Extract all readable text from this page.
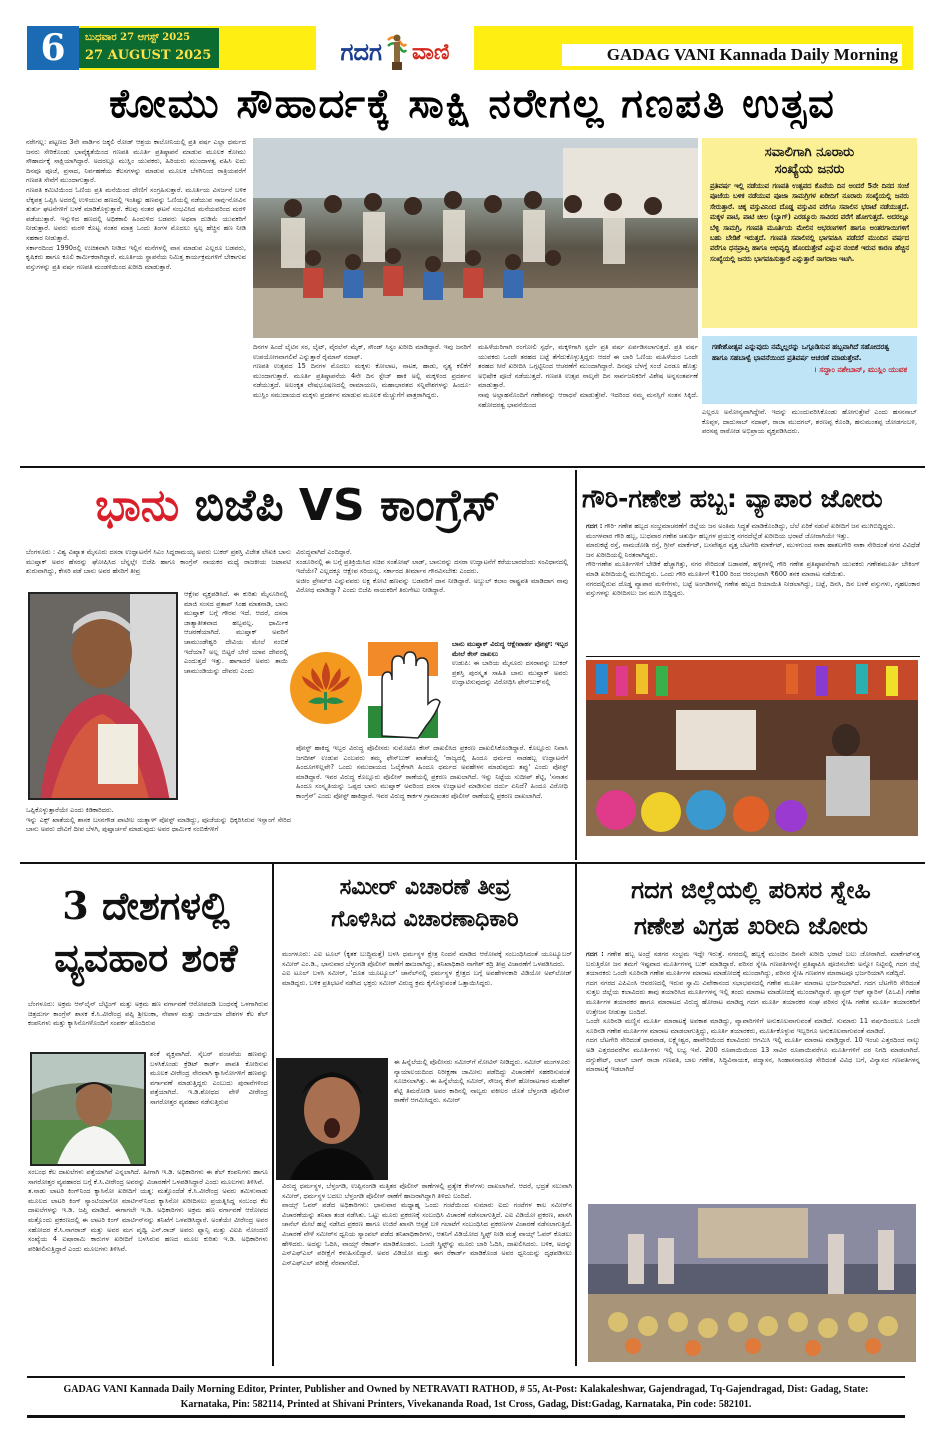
6	ಬುಧವಾರ 27 ಆಗಸ್ಟ್ 2025
27 AUGUST 2025	ಗದಗ ವಾಣಿ	GADAG VANI Kannada Daily Morning
ಕೋಮು ಸೌಹಾರ್ದಕ್ಕೆ ಸಾಕ್ಷಿ ನರೇಗಲ್ಲ ಗಣಪತಿ ಉತ್ಸವ

ನರೇಗಲ್ಲ: ಪಟ್ಟಣದ 3ನೇ ವಾರ್ಡಿನ ಜಕ್ಕಲಿ ರೋಡ್ ಆಶ್ರಯ ಕಾಲೋನಿಯಲ್ಲಿ ಪ್ರತಿ ವರ್ಷ ಎಲ್ಲಾ ಧರ್ಮದ ಜನರು ಸೇರಿಕೊಂಡು ಭಾವೈಕ್ಯತೆಯಿಂದ ಗಣಪತಿ ಮೂರ್ತಿ ಪ್ರತಿಷ್ಠಾಪನೆ ಮಾಡುವ ಮೂಲಕ ಕೋಮು ಸೌಹಾರ್ದಕ್ಕೆ ಸಾಕ್ಷಿಯಾಗಿದ್ದಾರೆ. ಅದರಲ್ಲೂ ಮುಸ್ಲಿಂ ಯುವಕರು, ಹಿರಿಯರು ಮುಂದಾಳತ್ವ ವಹಿಸಿ ಐದು ದಿನವೂ ಪೂಜೆ, ಪ್ರಸಾದ, ನಿರ್ವಹಣೆಯ ಕೆಲಸಗಳನ್ನು ಮಾಡುವ ಮೂಲಕ ಬೆಳಗಿನಿಂದ ರಾತ್ರಿಯವರೆಗೆ ಗಣಪತಿ ಸೇವೆಗೆ ಮುಂದಾಗುತ್ತಾರೆ.

ಗಣಪತಿ ಕಮಿಟಿಯಿಂದ ಓಣಿಯ ಪ್ರತಿ ಮನೆಯಿಂದ ದೇಣಿಗೆ ಸಂಗ್ರಹಿಸುತ್ತಾರೆ. ಮೂರ್ತಿಯ ವಿಸರ್ಜನೆ ಬಳಿಕ ಲೆಕ್ಕಪತ್ರ ಒಪ್ಪಿಸಿ ಅದರಲ್ಲಿ ಉಳಿಯುವ ಹಣದಲ್ಲಿ ಇಂತಿಷ್ಟು ಹಣವನ್ನು ಓಣಿಯಲ್ಲಿ ನಡೆಯುವ ಸಾವು-ನೋವಿನ ತುರ್ತು ಘಟನೆಗಳಿಗೆ ಬಳಕೆ ಮಾಡಿಕೊಳ್ಳುತ್ತಾರೆ. ಕೆಲವು ನಂತರ ಘಟನೆ ಸಂಭವಿಸಿದ ಮನೆಯವರಿಂದ ಮರಳಿ ಪಡೆಯುತ್ತಾರೆ. ಇನ್ನುಳಿದ ಹಣದಲ್ಲಿ ಅಧಿಕಕಾಲಿ ಹಿಂದುಳಿದ ಬಡವರು ಅಥವಾ ದುಡಿಮೆ ಯುವಕರಿಗೆ ನೀಡುತ್ತಾರೆ. ಅವರು ಮರಳಿ ಕೊಟ್ಟ ನಂತರ ಮಾತ್ರ ಒಂದು ತಿಂಗಳ ಮೊದಲು ಸ್ವಲ್ಪ ಹೆಚ್ಚಿನ ಹಣ ನೀಡಿ ಸಹಕಾರ ನೀಡುತ್ತಾರೆ.

ಸರ್ಕಾರದಿಂದ 1990ರಲ್ಲಿ ಉಚಿತವಾಗಿ ನೀಡಿದ ಇಲ್ಲಿನ ಮನೆಗಳಲ್ಲಿ ವಾಸ ಮಾಡುವ ಎಲ್ಲರೂ ಬಡವರು, ಕೃಷಿಕರು ಹಾಗೂ ಕೂಲಿ ಕಾರ್ಮಿಕರಾಗಿದ್ದಾರೆ. ಮೂರ್ತಿಯ ಸ್ಥಾಪನೆಯ ನಿಮಿತ್ತ ಕಾರ್ಯಕ್ರಮಗಳಿಗೆ ಬೇಕಾಗುವ ವಸ್ತುಗಳನ್ನು ಪ್ರತಿ ವರ್ಷ ಗಣಪತಿ ಮಂಡಳಿಯಿಂದ ಖರೀದಿ ಮಾಡುತ್ತಾರೆ.

ದಿನಗಳ ಹಿಂದೆ ಲೈಟಿನ ಸರ, ಲೈಟ್, ವೈರಲೆಸ್ ಮೈಕ್, ಸೌಂಡ್ ಸಿಸ್ಟಂ ಖರೀದಿ ಮಾಡಿದ್ದಾರೆ. ಇವು ಜನರಿಗೆ ಉಪಯೋಗವಾಗಲಿವೆ ಎನ್ನುತ್ತಾರೆ ರೈಮಾನ್ ನದಾಫ್.

ಗಣಪತಿ ಉತ್ಸವದ 15 ದಿನಗಳ ಮೊದಲು ಮಕ್ಕಳು ಕೋಲಾಟ, ನಾಟಕ, ಹಾಡು, ನೃತ್ಯ ಕಲಿಕೆಗೆ ಮುಂದಾಗುತ್ತಾರೆ. ಮೂರ್ತಿ ಪ್ರತಿಷ್ಠಾಪನೆಯ 4ನೇ ದಿನ ಸ್ಟೇಜ್ ಹಾಕಿ ಅಲ್ಲಿ ಮಕ್ಕಳಿಂದ ಪ್ರದರ್ಶನ ನಡೆಯುತ್ತದೆ. ಅಲಂಕೃತ ವೇಷಭೂಷಣದಲ್ಲಿ ರಾಮಾಯಣ, ಮಹಾಭಾರತದ ಸನ್ನಿವೇಶಗಳನ್ನು ಹಿಂದೂ-ಮುಸ್ಲಿಂ ಸಮುದಾಯದ ಮಕ್ಕಳು ಪ್ರದರ್ಶನ ಮಾಡುವ ಮೂಲಕ ಮೆಚ್ಚುಗೆಗೆ ಪಾತ್ರರಾಗಿದ್ದರು.

ಮಹಿಳೆಯರಿಗಾಗಿ ರಂಗೋಲಿ ಸ್ಪರ್ಧೆ, ಮಕ್ಕಳಿಗಾಗಿ ಸ್ಪರ್ಧೆ ಪ್ರತಿ ವರ್ಷ ಏರ್ಪಡಿಸಲಾಗುತ್ತದೆ. ಪ್ರತಿ ವರ್ಷ ಯುವಕರು ಒಂದೇ ತರಹದ ಬಟ್ಟೆ ತೆಗೆದುಕೊಳ್ಳುತ್ತಿದ್ದರು ಆದರೆ ಈ ಬಾರಿ ಓಣಿಯ ಮಹಿಳೆಯರ ಒಂದೇ ತರಹದ ಸೀರೆ ಖರೀದಿಸಿ ಒಗ್ಗಟ್ಟಿನಿಂದ ಆಚರಣೆಗೆ ಮುಂದಾಗಿದ್ದಾರೆ. ದಿನವೂ ಬೆಳಗ್ಗೆ ಸಂಜೆ ಎರಡೂ ಹೊತ್ತು ಅಭಿಷೇಕ ಪೂಜೆ ನಡೆಯುತ್ತದೆ. ಗಣಪತಿ ಉತ್ಸವ ನಾಲ್ಕನೇ ದಿನ ಸಾರ್ವಜನಿಕರಿಗೆ ವಿಶೇಷ ಅನ್ನಸಂತರ್ಪಣೆ ಮಾಡುತ್ತಾರೆ.

ನಾವು ಅಲ್ಲಾಹನೊಂದಿಗೆ ಗಣೇಶನನ್ನು ಆರಾಧನೆ ಮಾಡುತ್ತೇವೆ. ಇದರಿಂದ ನಮ್ಮ ಮನಸ್ಸಿಗೆ ಸಂತಸ ಸಿಕ್ಕಿದೆ. ಸಹೋದರತ್ವ ಭಾವನೆಯಿಂದ

ಸವಾಲಿಗಾಗಿ ನೂರಾರು
ಸಂಖ್ಯೆಯ ಜನರು
ಪ್ರತಿವರ್ಷ ಇಲ್ಲಿ ನಡೆಯುವ ಗಣಪತಿ ಉತ್ಸವದ ಕೊನೆಯ ದಿನ ಅಂದರೆ 5ನೇ ದಿನದ ಸಂಜೆ ಪೂಜೆಯ ಬಳಿಕ ನಡೆಯುವ ಪೂಜಾ ಸಾಮಗ್ರಿಗಳ ಖರೀದಿಗೆ ನೂರಾರು ಸಂಖ್ಯೆಯಲ್ಲಿ ಜನರು ಸೇರುತ್ತಾರೆ. ಚಿಕ್ಕ ವಸ್ತುವಿನಿಂದ ದೊಡ್ಡ ವಸ್ತುವಿನ ವರೆಗೂ ಸವಾಲಿನ ಭರಾಟೆ ನಡೆಯುತ್ತದೆ. ಮಕ್ಕಳ ಪಾಟಿ, ಪಾಟಿ ಚೀಲ (ಬ್ಯಾಗ್) ಎರಡ್ಮೂರು ಸಾವಿರದ ವರೆಗೆ ಹೋಗುತ್ತದೆ. ಅದರಲ್ಲೂ ಬೆಳ್ಳಿ ಸಾಮಗ್ರಿ, ಗಣಪತಿ ಮೂರ್ತಿಯ ಮೇಲಿನ ಆಭರಣಗಳಿಗೆ ಹಾಗೂ ಅಂತರಗಾಯಿಗಳಿಗೆ ಬಹು ಬೇಡಿಕೆ ಇರುತ್ತದೆ. ಗಣಪತಿ ಸವಾಲಿನಲ್ಲಿ ಭಾಗವಹಿಸಿ ಪಡೆದರೆ ಮುಂದಿನ ವರ್ಷದ ವರೆಗೂ ಧನಪ್ರಾಪ್ತಿ ಹಾಗೂ ಅಭಿವೃದ್ಧಿ ಹೊಂದುತ್ತೇವೆ ಎನ್ನುವ ನಂಬಿಕೆ ಇರುವ ಕಾರಣ ಹೆಚ್ಚಿನ ಸಂಖ್ಯೆಯಲ್ಲಿ ಜನರು ಭಾಗವಹಿಸುತ್ತಾರೆ ಎನ್ನುತ್ತಾರೆ ನಾಗರಾಜ ಇಟಗಿ.
ಗಣೇಶೋತ್ಸವ ಎನ್ನುವುದು ನಮ್ಮೆಲ್ಲರನ್ನು ಒಗ್ಗೂಡಿಸುವ ಹಬ್ಬವಾಗಿದೆ ಸಹೋದರತ್ವ ಹಾಗೂ ಸಹಬಾಳ್ವೆ ಭಾವನೆಯಿಂದ ಪ್ರತಿವರ್ಷ ಆಚರಣೆ ಮಾಡುತ್ತೇವೆ.
। ಸದ್ದಾಂ ನಶೇಬಾನ್, ಮುಸ್ಲಿಂ ಯುವಕ

ಎಲ್ಲರೂ ಅನೋನ್ಯವಾಗಿದ್ದೇವೆ. ಇದನ್ನು ಮುಂದುವರಿಸಿಕೊಂಡು ಹೋಗುತ್ತೇವೆ ಎಂದು ಹಸನಸಾಬ್ ಕೊಪ್ಪಳ, ದಾದುಸಾಬ್ ನದಾಫ್, ರಾಜಾ ಮುದಗಲ್, ಶರಣಪ್ಪ ಕೊಂಡಿ, ಹನುಮಂತಪ್ಪ ಜೋಡಗಂಬಳಿ, ಪರಸಪ್ಪ ರಾಠೋಡ ಅಭಿಪ್ರಾಯ ವ್ಯಕ್ತಪಡಿಸಿದರು.

ಭಾನು ಬಿಜೆಪಿ VS ಕಾಂಗ್ರೆಸ್

ಬೆಂಗಳೂರು : ವಿಶ್ವ ವಿಖ್ಯಾತ ಮೈಸೂರು ದಸರಾ ಉದ್ಘಾಟನೆಗೆ ಸಿಎಂ ಸಿದ್ದರಾಮಯ್ಯ ಅವರು ಬುಕರ್ ಪ್ರಶಸ್ತಿ ವಿಜೇತ ಲೇಖಕಿ ಬಾನು ಮುಷ್ತಾಕ್ ಅವರ ಹೆಸರನ್ನು ಘೋಷಿಸಿದ ಬೆನ್ನಲ್ಲೇ ಬಿಜೆಪಿ ಹಾಗೂ ಕಾಂಗ್ರೆಸ್ ನಾಯಕರ ಮಧ್ಯೆ ರಾಜಕೀಯ ಜಟಾಪಟಿ ಶುರುವಾಗಿದ್ದು, ಕೇಸರಿ ಪಡೆ ಬಾನು ಅವರ ಹೆಸರಿಗೆ ತೀವ್ರ

ಆಕ್ಷೇಪ ವ್ಯಕ್ತಪಡಿಸಿದೆ. ಈ ಕುರಿತು ಮೈಸೂರಿನಲ್ಲಿ ಮಾಜಿ ಸಂಸದ ಪ್ರತಾಪ್ ಸಿಂಹ ಮಾತನಾಡಿ, ಬಾನು ಮುಷ್ತಾಕ್ ಬಗ್ಗೆ ಗೌರವ ಇದೆ. ಆದರೆ, ದಸರಾ ಜಾತ್ಯಾತೀತವಾದ ಹಬ್ಬವಲ್ಲ. ಧಾರ್ಮಿಕ ಆಚರಣೆಯಾಗಿದೆ. ಮುಷ್ತಾಕ್ ಅವರಿಗೆ ಚಾಮುಂಡೇಶ್ವರಿ ದೇವಿಯ ಮೇಲೆ ನಂಬಿಕೆ ಇದೆಯಾ? ಅಲ್ಲ ಬಿಟ್ಟರೆ ಬೇರೆ ಯಾವ ದೇವರಲ್ಲಿ ಎಂದುತ್ತದೆ ಇತ್ತು. ಹಾಗಾದರೆ ಅವರು ತಾಯಿ ಚಾಮುಂಡಿಯನ್ನು ದೇವರು ಎಂದು

ಒಪ್ಪಿಕೊಳ್ಳುತ್ತಾರೆಯೇ ಎಂದು ಕಿಡಿಕಾರಿದರು.

ಇನ್ನು ಎಕ್ಸ್ ಖಾತೆಯಲ್ಲಿ ಶಾಸಕ ಬಸನಗೌಡ ಪಾಟೀಲ ಯತ್ನಾಳ್ ಪೋಸ್ಟ್ ಮಾಡಿದ್ದು, ಪೂಜೆಯನ್ನು ಧಿಕ್ಕರಿಸಿರುವ ಇಸ್ಲಾಂಗೆ ಸೇರಿದ ಬಾನು ಅವರು ದೇವಿಗೆ ದೀಪ ಬೆಳಗಿ, ಪುಷ್ಪಾರ್ಚನೆ ಮಾಡುವುದು ಅವರ ಧಾರ್ಮಿಕ ನಂಬಿಕೆಗಳಿಗೆ

ವಿರುದ್ಧವಾಗಿದೆ ಎಂದಿದ್ದಾರೆ.

ಸಂಡೂರಿನಲ್ಲಿ ಈ ಬಗ್ಗೆ ಪ್ರತಿಕ್ರಿಯಿಸಿದ ಸಚಿವ ಸಂತೋಷ್ ಲಾಡ್, ಬಾನುರನ್ನು ದಸರಾ ಉದ್ಘಾಟನೆಗೆ ಕರೆಯಬಾರದೆಂದು ಸಂವಿಧಾನದಲ್ಲಿ ಇದೆಯೇ? ಎಲ್ಲದಕ್ಕೂ ಆಕ್ಷೇಪ ಸರಿಯಲ್ಲ. ಸರ್ಕಾರದ ತೀರ್ಮಾನ ಗೌರವಿಸಬೇಕು ಎಂದರು.

ಅಜೀಂ ಪ್ರೇಮ್‌ಜಿ ಎನ್ನುವವರು ಲಕ್ಷ ಕೋಟಿ ಹಣವನ್ನು ಬಡವರಿಗೆ ದಾನ ನೀಡಿದ್ದಾರೆ. ಅಬ್ದುಲ್ ಕಲಾಂ ರಾಷ್ಟ್ರಪತಿ ಮಾಡಿದಾಗ ನಾವು ವಿರೋಧ ಮಾಡಿದ್ವಾ? ಎಂದು ಬಿಜೆಪಿ ನಾಯಕರಿಗೆ ತಿರುಗೇಟು ನೀಡಿದ್ದಾರೆ.

ಬಾನು ಮುಷ್ತಾಕ್ ವಿರುದ್ಧ ಆಕ್ಷೇಪಾರ್ಹ ಪೋಸ್ಟ್: ಇಬ್ಬರ ಮೇಲೆ ಕೇಸ್ ದಾಖಲು

ಉಡುಪಿ: ಈ ಬಾರಿಯ ಮೈಸೂರು ದಸರಾವನ್ನು ಬುಕರ್ ಪ್ರಶಸ್ತಿ ಪುರಸ್ಕೃತ ಸಾಹಿತಿ ಬಾನು ಮುಷ್ತಾಕ್ ಅವರು ಉದ್ಘಾಟಿಸುವುದನ್ನು ವಿರೋಧಿಸಿ ಫೇಸ್‌ಬುಕ್‌ನಲ್ಲಿ

ಪೋಸ್ಟ್ ಹಾಕಿದ್ದ ಇಬ್ಬರ ವಿರುದ್ಧ ಪೊಲೀಸರು ಸುಮೊಟೊ ಕೇಸ್ ದಾಖಲಿಸಿದ ಪ್ರಕರಣ ದಾಖಲಿಸಿಕೊಂಡಿದ್ದಾರೆ. ಕೊಲ್ಲೂರು ನಿವಾಸಿ ಜಗದೀಶ್ ಉಡುಪ ಎಂಬವರು ತಮ್ಮ ಫೇಸ್‌ಬುಕ್ ಖಾತೆಯಲ್ಲಿ 'ರಾಜ್ಯದಲ್ಲಿ ಹಿಂದೂ ಧರ್ಮದ ನಾಡಹಬ್ಬ ಉದ್ಘಾಟನೆಗೆ ಹಿಂದೂಗಳಿಲ್ಲವೇ? ಒಂದು ಸಮುದಾಯದ ಓಲೈಕೆಗಾಗಿ ಹಿಂದೂ ಧರ್ಮದ ಅವಹೇಳನ ಮಾಡುವುದು ತಪ್ಪು' ಎಂದು ಪೋಸ್ಟ್ ಮಾಡಿದ್ದಾರೆ. ಇವರ ವಿರುದ್ಧ ಕೊಲ್ಲೂರು ಪೊಲೀಸ್ ಠಾಣೆಯಲ್ಲಿ ಪ್ರಕರಣ ದಾಖಲಾಗಿದೆ. ಇನ್ನು ನಿಟ್ಟೆಯ ಸುದೀಪ್ ಶೆಟ್ಟಿ, 'ಸನಾತನ ಹಿಂದೂ ಸಂಸ್ಕೃತಿಯನ್ನು ಒಪ್ಪದ ಬಾನು ಮುಷ್ತಾಕ್ ಅವರಿಂದ ದಸರಾ ಉದ್ಘಾಟನೆ ಮಾಡಿಸುವ ದರ್ದು ಏನಿದೆ? ಹಿಂದೂ ವಿರೋಧಿ ಕಾಂಗ್ರೆಸ್' ಎಂದು ಪೋಸ್ಟ್ ಹಾಕಿದ್ದಾರೆ. ಇವರ ವಿರುದ್ಧ ಕಾರ್ಕಳ ಗ್ರಾಮಾಂತರ ಪೊಲೀಸ್ ಠಾಣೆಯಲ್ಲಿ ಪ್ರಕರಣ ದಾಖಲಾಗಿದೆ.

ಗೌರಿ-ಗಣೇಶ ಹಬ್ಬ: ವ್ಯಾಪಾರ ಜೋರು

ಗದಗ : ಗೌರಿ- ಗಣೇಶ ಹಬ್ಬದ ಸಂಭ್ರಮಾಚರಣೆಗೆ ಜಿಲ್ಲೆಯ ಜನ ಅಂತಿಮ ಸಿದ್ಧತೆ ಮಾಡಿಕೊಂಡಿದ್ದು, ಬೆಲೆ ಏರಿಕೆ ನಡುವೆ ಖರೀದಿಗೆ ಜನ ಮುಗಿಬಿದ್ದಿದ್ದರು.

ಮಂಗಳವಾರ ಗೌರಿ ಹಬ್ಬ, ಬುಧವಾರ ಗಣೇಶ ಚತುರ್ಥಿ ಹಬ್ಬಗಳ ಪ್ರಯುಕ್ತ ನಗರದೆಲ್ಲೆಡೆ ಖರೀದಿಯ ಭರಾಟೆ ಜೋರಾಗಿಯೇ ಇತ್ತು.

ಮಾರುಕಟ್ಟೆ ರಸ್ತೆ, ನಾಮಜೋಶಿ ರಸ್ತೆ, ಗ್ರೀನ್ ಮಾರ್ಕೆಟ್, ಬಸವೇಶ್ವರ ವೃತ್ತ ಬೆಟಗೇರಿ ಮಾರ್ಕೆಟ್, ಮುಳಗುಂದ ನಾಕಾ ಹಾತಲಗೇರಿ ನಾಕಾ ಸೇರಿದಂತೆ ನಗರ ವಿವಿಧೆಡೆ ಜನ ಖರೀದಿಯಲ್ಲಿ ನಿರತರಾಗಿದ್ದರು.

ಗೌರಿ-ಗಣೇಶ ಮೂರ್ತಿಗಳಿಗೆ ಬೇಡಿಕೆ ಹೆಚ್ಚಾಗಿತ್ತು, ನಗರ ಸೇರಿದಂತೆ ಬಡಾವಣೆ, ಹಳ್ಳಿಗಳಲ್ಲಿ ಗೌರಿ ಗಣೇಶ ಪ್ರತಿಷ್ಠಾಪನೆಗಾಗಿ ಯುವಕರು ಗಣೇಶಮೂರ್ತಿ ಬೇಕಿಂಗ್ ಮಾಡಿ ಖರೀದಿಯಲ್ಲಿ ಮುಗಿಬಿದ್ದರು. ಒಂದು ಗೌರಿ ಮೂರ್ತಿಗೆ ₹100 ರಿಂದ ಆರಂಭವಾಗಿ ₹600 ತನಕ ಮಾರಾಟ ನಡೆಯಿತು.

ನಗರದಲ್ಲಿರುವ ದೊಡ್ಡ ವ್ಯಾಪಾರ ಮಳಿಗೆಗಳು, ಬಟ್ಟೆ ಅಂಗಡಿಗಳಲ್ಲಿ ಗಣೇಶ ಹಬ್ಬದ ರಿಯಾಯಿತಿ ನೀಡಲಾಗಿದ್ದು, ಬಟ್ಟೆ, ದಿನಸಿ, ದಿನ ಬಳಕೆ ವಸ್ತುಗಳು, ಗೃಹಲಂಕಾರ ವಸ್ತುಗಳನ್ನು ಖರೀದಿಸಲು ಜನ ಮುಗಿ ಬಿದ್ದಿದ್ದರು.

3 ದೇಶಗಳಲ್ಲಿ
ವ್ಯವಹಾರ ಶಂಕೆ

ಬೆಂಗಳೂರು: ಅಕ್ರಮ ಆನ್‌ಲೈನ್ ಬೆಟ್ಟಿಂಗ್ ಮತ್ತು ಅಕ್ರಮ ಹಣ ವರ್ಗಾವಣೆ ಆರೋಪದಡಿ ಬಂಧನಕ್ಕೆ ಒಳಗಾಗಿರುವ ಚಿತ್ರದುರ್ಗ ಕಾಂಗ್ರೆಸ್ ಶಾಸಕ ಕೆ.ಸಿ.ವೀರೇಂದ್ರ ಪಪ್ಪಿ ಶ್ರೀಲಂಕಾ, ನೇಪಾಳ ಮತ್ತು ಜಾರ್ಜಿಯಾ ದೇಶಗಳ ಕೆಲ ಶೆಲ್ ಕಂಪನಿಗಳು ಮತ್ತು ಕ್ಯಾಸಿನೊಗಳೊಂದಿಗೆ ಸಂಪರ್ಕ ಹೊಂದಿರುವ

ಶಂಕೆ ವ್ಯಕ್ತವಾಗಿದೆ. ಸೈಬರ್ ವಂಚನೆಯ ಹಣವನ್ನು ಬಳಸಿಕೊಂಡು ಕ್ರೆಡಿಟ್ ಕಾರ್ಡ್ ಪಾವತಿ ಕೋರಿಸುವ ಮೂಲಕ ವೀರೇಂದ್ರ ನೇರವಾಗಿ ಕ್ಯಾಸಿನೋಗಳಿಗೆ ಹಣವನ್ನು ವರ್ಗಾವಣೆ ಮಾಡುತ್ತಿದ್ದರು ಎಂಬುದು ಪುರಾವೆಗಳಿಂದ ಪತ್ತೆಯಾಗಿದೆ. ಇ.ಡಿ.ಶೋಧದ ವೇಳೆ ವೀರೇಂದ್ರ ಸಾಗರೋತ್ತರ ವ್ಯವಹಾರ ನಡೆಸುತ್ತಿರುವ

ಸಂಬಂಧ ಕೆಲ ದಾಖಲೆಗಳು ಪತ್ತೆಯಾಗಿವೆ ಎನ್ನಲಾಗಿದೆ. ಹೀಗಾಗಿ ಇ.ಡಿ. ಅಧಿಕಾರಿಗಳು ಈ ಶೆಲ್ ಕಂಪನಿಗಳು ಹಾಗೂ ಸಾಗರೋತ್ತರ ವ್ಯವಹಾರದ ಬಗ್ಗೆ ಕೆ.ಸಿ.ವೀರೇಂದ್ರ ಅವರನ್ನು ವಿಚಾರಣೆಗೆ ಒಳಪಡಿಸಿದ್ದಾರೆ ಎಂದು ಮೂಲಗಳು ತಿಳಿಸಿವೆ.

ತ.ನಾಡು ಲಾಟರಿ ಕಿಂಗ್‌ನಿಂದ ಕ್ಯಾಸಿನೋ ಖರೀದಿಗೆ ಯತ್ನ: ಮತ್ತೊಂದೆಡೆ ಕೆ.ಸಿ.ವೀರೇಂದ್ರ ಅವರು ತಮಿಳುನಾಡು ಮೂಲದ ಲಾಟರಿ ಕಿಂಗ್ ಸ್ಯಾಂಟಿಯಾಗೋ ಮಾರ್ಟಿನ್‌ನಿಂದ ಕ್ಯಾಸಿನೋ ಖರೀದಿಸಲು ಪ್ರಯತ್ನಿಸಿದ್ದ ಸಂಬಂಧ ಕೆಲ ದಾಖಲೆಗಳನ್ನು ಇ.ಡಿ. ಜಪ್ತಿ ಮಾಡಿದೆ. ಈಗಾಗಲೇ ಇ.ಡಿ. ಅಧಿಕಾರಿಗಳು ಅಕ್ರಮ ಹಣ ವರ್ಗಾವಣೆ ಆರೋಪದ ಮತ್ತೊಂದು ಪ್ರಕರಣದಲ್ಲಿ ಈ ಲಾಟರಿ ಕಿಂಗ್ ಮಾರ್ಟಿನ್‌ನನ್ನು ತನಿಖೆಗೆ ಒಳಪಡಿಸಿದ್ದಾರೆ. ಅಂತೆಯೇ ವೀರೇಂದ್ರ ಅವರ ಸಹೋದರ ಕೆ.ಸಿ.ನಾಗರಾಜ್ ಮತ್ತು ಅವರ ಮಗ ಪೃಥ್ವಿ ಎನ್.ರಾಜ್ ಅವರು ಫ್ಯಾನ್ಸಿ ಮತ್ತು ವಿಐಪಿ ನೋಂದಣಿ ಸಂಖ್ಯೆಯ 4 ಐಷಾರಾಮಿ ಕಾರುಗಳ ಖರೀದಿಗೆ ಬಳಸಿರುವ ಹಣದ ಮೂಲ ಕುರಿತು ಇ.ಡಿ. ಅಧಿಕಾರಿಗಳು ಪರಿಶೀಲಿಸುತ್ತಿದ್ದಾರೆ ಎಂದು ಮೂಲಗಳು ತಿಳಿಸಿವೆ.

ಸಮೀರ್ ವಿಚಾರಣೆ ತೀವ್ರ
ಗೊಳಿಸಿದ ವಿಚಾರಣಾಧಿಕಾರಿ

ಮಂಗಳೂರು: ಎಐ ಟೂಲ್ (ಕೃತಕ ಬುದ್ಧಿಮತ್ತೆ) ಬಳಸಿ ಧರ್ಮಸ್ಥಳ ಕ್ಷೇತ್ರ ನಿಂದನೆ ಮಾಡಿದ ಆರೋಪಕ್ಕೆ ಸಂಬಂಧಿಸಿದಂತೆ ಯೂಟ್ಯೂಬರ್ ಸಮೀರ್ ಎಂ.ಡಿ., ಭಾನುವಾರ ಬೆಳ್ತಂಗಡಿ ಪೊಲೀಸ್ ಠಾಣೆಗೆ ಹಾಜರಾಗಿದ್ದು, ತನಿಖಾಧಿಕಾರಿ ನಾಗೇಶ್ ಕದ್ರಿ ತೀವ್ರ ವಿಚಾರಣೆಗೆ ಒಳಪಡಿಸಿದರು.

ಎಐ ಟೂಲ್ ಬಳಸಿ ಸಮೀರ್, 'ದೂತ ಯೂಟ್ಯೂಬ್' ಚಾನೆಲ್‌ನಲ್ಲಿ ಧರ್ಮಸ್ಥಳ ಕ್ಷೇತ್ರದ ಬಗ್ಗೆ ಅವಹೇಳನಕಾರಿ ವಿಡಿಯೋ ಅಪ್‌ಲೋಡ್ ಮಾಡಿದ್ದರು. ಬಳಿಕ ಪ್ರತಿಭಟನೆ ನಡೆಸಿದ ಭಕ್ತರು ಸಮೀರ್ ವಿರುದ್ಧ ಕ್ರಮ ಕೈಗೊಳ್ಳುವಂತೆ ಒತ್ತಾಯಿಸಿದ್ದರು.

ಈ ಹಿನ್ನೆಲೆಯಲ್ಲಿ ಪೊಲೀಸರು ಸಮೀರ್‌ಗೆ ನೋಟಿಸ್ ನೀಡಿದ್ದರು. ಸಮೀರ್ ಮಂಗಳೂರು ನ್ಯಾಯಾಲಯದಿಂದ ನಿರೀಕ್ಷಣಾ ಜಾಮೀನು ಪಡೆದಿದ್ದು ವಿಚಾರಣೆಗೆ ಸಹಕರಿಸುವಂತೆ ಸೂಚಿಸಲಾಗಿತ್ತು. ಈ ಹಿನ್ನೆಲೆಯಲ್ಲಿ ಸಮೀರ್, ಸೌಜನ್ಯ ಕೇಸ್ ಹೋರಾಟಗಾರ ಮಹೇಶ್ ಶೆಟ್ಟಿ ತಿಮರೋಡಿ ಅವರ ಕಾರಿನಲ್ಲಿ ನಾಲ್ವರು ವಕೀಲರ ಜೊತೆ ಬೆಳ್ತಂಗಡಿ ಪೊಲೀಸ್ ಠಾಣೆಗೆ ಆಗಮಿಸಿದ್ದರು. ಸಮೀರ್

ವಿರುದ್ಧ ಧರ್ಮಸ್ಥಳ, ಬೆಳ್ತಂಗಡಿ, ಉಪ್ಪಿನಂಗಡಿ ಮತ್ತಿತರ ಪೊಲೀಸ್ ಠಾಣೆಗಳಲ್ಲಿ ಪ್ರತ್ಯೇಕ ಕೇಸ್‌ಗಳು ದಾಖಲಾಗಿವೆ. ಆದರೆ, ಭದ್ರತೆ ಸಲುವಾಗಿ ಸಮೀರ್, ಧರ್ಮಸ್ಥಳ ಬದಲು ಬೆಳ್ತಂಗಡಿ ಪೊಲೀಸ್ ಠಾಣೆಗೆ ಹಾಜರಾಗಿದ್ದಾಗಿ ತಿಳಿದು ಬಂದಿದೆ.

ವಾಯ್ಸ್ ಓವರ್ ಪಡೆದ ಅಧಿಕಾರಿಗಳು: ಭಾನುವಾರ ಮಧ್ಯಾಹ್ನ ಒಂದು ಗಂಟೆಯಿಂದ ಸುಮಾರು ಐದು ಗಂಟೆಗಳ ಕಾಲ ಸಮೀರ್‌ನ ವಿಚಾರಣೆಯನ್ನು ತನಿಖಾ ತಂಡ ನಡೆಸಿತು. ಒಟ್ಟು ಮೂರು ಪ್ರಕರಣಕ್ಕೆ ಸಂಬಂಧಿಸಿ ವಿಚಾರಣೆ ನಡೆಸಲಾಗುತ್ತಿದೆ. ಎಐ ವಿಡಿಯೋ ಪ್ರಕರಣ, ಖಾಸಗಿ ಚಾನೆಲ್ ಮೇಲೆ ಹಲ್ಲೆ ನಡೆಸಿದ ಪ್ರಕರಣ ಹಾಗೂ ಉಜಿರೆ ಖಾಸಗಿ ಆಸ್ಪತ್ರೆ ಬಳಿ ಗಲಾಟೆಗೆ ಸಂಬಂಧಿಸಿದ ಪ್ರಕರಣಗಳ ವಿಚಾರಣೆ ನಡೆಸಲಾಗುತ್ತಿದೆ. ವಿಚಾರಣೆ ವೇಳೆ ಸಮೀರ್‌ನ ಧ್ವನಿಯ ಸ್ಯಾಂಪಲ್ ಪಡೆದ ತನಿಖಾಧಿಕಾರಿಗಳು, ಆತನಿಗೆ ವಿಡಿಯೋದ ಸ್ಕ್ರಿಪ್ಟ್ ನೀಡಿ ಮತ್ತೆ ವಾಯ್ಸ್ ಓವರ್ ಕೊಡಲು ಹೇಳಿದರು. ಅದನ್ನು ಓದಿಸಿ, ವಾಯ್ಸ್ ರೆಕಾರ್ಡ್ ಮಾಡಿಕೊಂಡರು. ಒಂದೇ ಸ್ಕ್ರಿಪ್ಟ್‌ನ್ನು ಮೂರು ಬಾರಿ ಓದಿಸಿ, ದಾಖಲಿಸಿದರು. ಬಳಿಕ, ಅದನ್ನು ಎಸ್‌ಎಫ್‌ಎಲ್ ಪರೀಕ್ಷೆಗೆ ಕಳುಹಿಸಲಿದ್ದಾರೆ. ಅವರ ವಿಡಿಯೋ ಮತ್ತು ಈಗ ರೆಕಾರ್ಡ್ ಮಾಡಿಕೊಂಡ ಅವರ ಧ್ವನಿಯನ್ನು ದೃಢಪಡಿಸಲು ಎಸ್‌ಎಫ್‌ಎಲ್ ಪರೀಕ್ಷೆ ನೆರವಾಗಲಿದೆ.

ಗದಗ ಜಿಲ್ಲೆಯಲ್ಲಿ ಪರಿಸರ ಸ್ನೇಹಿ
ಗಣೇಶ ವಿಗ್ರಹ ಖರೀದಿ ಜೋರು

ಗದಗ : ಗಣೇಶ ಹಬ್ಬ ಅಂದ್ರೆ ಸಡಗರ ಸಂಭ್ರಮ ಇದ್ದೇ ಇರುತ್ತೆ. ನಗರದಲ್ಲಿ ಹಬ್ಬಕ್ಕೆ ಮುಂಚಿನ ದಿನವೇ ಖರೀದಿ ಭರಾಟೆ ಬಲು ಜೋರಾಗಿದೆ. ಮಾರ್ಕೆಟ್‌ನತ್ತ ಬರುತ್ತಿರೋ ಜನ ತಮಗೆ ಇಷ್ಟವಾದ ಮೂರ್ತಿಗಳನ್ನ ಬುಕ್ ಮಾಡಿದ್ದಾರೆ. ಪರಿಸರ ಸ್ನೇಹಿ ಗಣಪತಿಗಳನ್ನೇ ಪ್ರತಿಷ್ಠಾಪಿಸಿ ಪೂಜಿಸಬೇಕು ಅನ್ನೋ ನಿಟ್ಟಿನಲ್ಲಿ ಗದಗ ಜಿಲ್ಲೆ ತಯಾರಕರು ಒಂದೇ ಸೂರಿನಡಿ ಗಣೇಶ ಮೂರ್ತಿಗಳ ಮಾರಾಟ ಮಾಡೋದಕ್ಕೆ ಮುಂದಾಗಿದ್ದು, ಪರಿಸರ ಸ್ನೇಹಿ ಗಣಪಗಳ ಮಾರಾಟವೂ ಭರ್ಜರಿಯಾಗಿ ನಡೆದ್ಸಿದೆ.

ಗದಗ ನಗರದ ಎಪಿಎಂಸಿ ಆವರಣದಲ್ಲಿ ಇರುವ ಸ್ವಾಮಿ ವಿವೇಕಾನಂದ ಸಭಾಭವನದಲ್ಲಿ ಗಣೇಶ ಮೂರ್ತಿ ಮಾರಾಟ ಭರ್ಜರಿಯಾಗಿದೆ. ಗದಗ ಬೆಟಗೇರಿ ಸೇರಿದಂತೆ ಸುತ್ತಲ ಜಿಲ್ಲೆಯ ಕಲಾವಿದರು ತಾವು ತಯಾರಿಸಿದ ಮೂರ್ತಿಗಳನ್ನ ಇಲ್ಲಿ ತಂದು ಮಾರಾಟ ಮಾಡೋದಕ್ಕೆ ಮುಂದಾಗಿದ್ದಾರೆ. ಪ್ಲಾಸ್ಟರ್ ಆಫ್ ಪ್ಯಾರಿಸ್ (ಪಿಒಪಿ) ಗಣೇಶ ಮೂರ್ತಿಗಳ ತಯಾರಕರ ಹಾಗೂ ಮಾರಾಟದ ವಿರುದ್ಧ ಹೋರಾಟ ಮಾಡಿದ್ದ ಗದಗ ಮೂರ್ತಿ ತಯಾರಕರ ಸಂಘ ಪರಿಸರ ಸ್ನೇಹಿ ಗಣೇಶ ಮೂರ್ತಿ ತಯಾರಕರಿಗೆ ಉತ್ತೇಜನ ನೀಡುತ್ತಾ ಬಂದಿದೆ.

ಒಂದೇ ಸೂರಿನಡಿ ಮಣ್ಣಿನ ಮೂರ್ತಿ ಮಾರಾಟಕ್ಕೆ ಅವಕಾಶ ಮಾಡಿದ್ದು, ವ್ಯಾಪಾರಿಗಳಿಗೆ ಅನುಕೂಲವಾಗುವಂತೆ ಮಾಡಿದೆ. ಸುಮಾರು 11 ವರ್ಷದಿಂದಲೂ ಒಂದೇ ಸೂರಿನಡಿ ಗಣೇಶ ಮೂರ್ತಿಗಳ ಮಾರಾಟ ಮಾಡಲಾಗುತ್ತಿದ್ದು, ಮೂರ್ತಿ ತಯಾರಕರು, ಮೂರ್ತಿಕೊಳ್ಳುವ ಇಬ್ಬರಿಗೂ ಅನುಕೂಲವಾಗುವಂತೆ ಮಾಡಿದೆ.

ಗದಗ ಬೆಟಗೇರಿ ಸೇರಿದಂತೆ ಧಾರವಾಡ, ಲಕ್ಷ್ಮೇಶ್ವರ, ಹಾವೇರಿಯಿಂದ ಕಲಾವಿದರು ಆಗಮಿಸಿ ಇಲ್ಲಿ ಮೂರ್ತಿ ಮಾರಾಟ ಮಾಡ್ತಿದ್ದಾರೆ. 10 ಇಂಚು ಎತ್ತರದಿಂದ ನಾಲ್ಕು ಅಡಿ ಎತ್ತರದವರೆಗಿನ ಮೂರ್ತಿಗಳು ಇಲ್ಲಿ ಲಭ್ಯ ಇವೆ. 200 ರೂಪಾಯಿಯಿಂದ 13 ಸಾವಿರ ರೂಪಾಯಿವರೆಗೂ ಮೂರ್ತಿಗಳಿಗೆ ದರ ನಿಗದಿ ಮಾಡಲಾಗಿದೆ. ದಗ್ದುಶೇಟ್, ಲಾಲ್ ಬಾಗ್ ರಾಜಾ ಗಣಪತಿ, ಬಾಲ ಗಣೇಶ, ಸಿದ್ಧಿವಿನಾಯಕ, ಪದ್ಮಾಸನ, ಸಿಂಹಾಸನಾರೂಢ ಸೇರಿದಂತೆ ವಿವಿಧ ಬಗೆ, ವಿನ್ಯಾಸದ ಗಣಪತಿಗಳನ್ನ ಮಾರಾಟಕ್ಕೆ ಇಡಲಾಗಿದೆ

GADAG VANI Kannada Daily Morning Editor, Printer, Publisher and Owned by NETRAVATI RATHOD, # 55, At-Post: Kalakaleshwar, Gajendragad, Tq-Gajendragad, Dist: Gadag, State:
Karnataka, Pin: 582114, Printed at Shivani Printers, Vivekananda Road, 1st Cross, Gadag, Dist:Gadag, Karnataka, Pin code: 582101.
